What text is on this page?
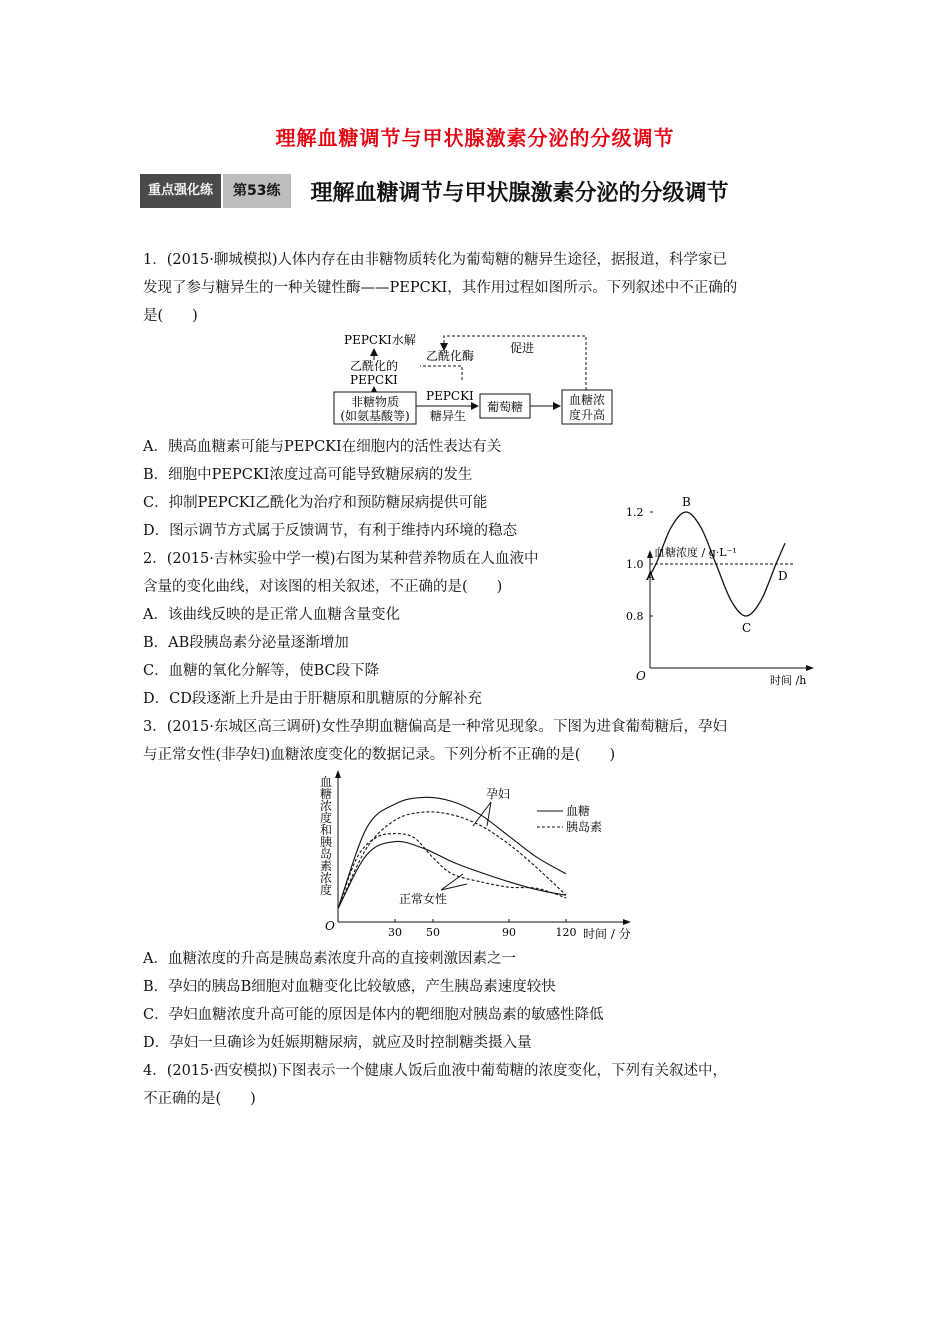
理解血糖调节与甲状腺激素分泌的分级调节
重点强化练	第53练	理解血糖调节与甲状腺激素分泌的分级调节
1．(2015·聊城模拟)人体内存在由非糖物质转化为葡萄糖的糖异生途径，据报道，科学家已
发现了参与糖异生的一种关键性酶——PEPCKI，其作用过程如图所示。下列叙述中不正确的
是(　　)
PEPCKI水解
乙酰化的
PEPCKI
乙酰化酶
促进
非糖物质
(如氨基酸等)
PEPCKI
糖异生
葡萄糖	血糖浓
度升高
A．胰高血糖素可能与PEPCKI在细胞内的活性表达有关
B．细胞中PEPCKI浓度过高可能导致糖尿病的发生
C．抑制PEPCKI乙酰化为治疗和预防糖尿病提供可能
D．图示调节方式属于反馈调节，有利于维持内环境的稳态
2．(2015·吉林实验中学一模)右图为某种营养物质在人血液中
含量的变化曲线，对该图的相关叙述，不正确的是(　　)
A．该曲线反映的是正常人血糖含量变化
B．AB段胰岛素分泌量逐渐增加
C．血糖的氧化分解等，使BC段下降
D．CD段逐渐上升是由于肝糖原和肌糖原的分解补充
血糖浓度 / g·L⁻¹
时间 /h
O
0.8
1.0
1.2
A
B
C
D
3．(2015·东城区高三调研)女性孕期血糖偏高是一种常见现象。下图为进食葡萄糖后，孕妇
与正常女性(非孕妇)血糖浓度变化的数据记录。下列分析不正确的是(　　)
血
糖
浓
度
和
胰
岛
素
浓
度
时间 / 分
O	30 50	90	120
血糖
胰岛素
孕妇
正常女性
A．血糖浓度的升高是胰岛素浓度升高的直接刺激因素之一
B．孕妇的胰岛B细胞对血糖变化比较敏感，产生胰岛素速度较快
C．孕妇血糖浓度升高可能的原因是体内的靶细胞对胰岛素的敏感性降低
D．孕妇一旦确诊为妊娠期糖尿病，就应及时控制糖类摄入量
4．(2015·西安模拟)下图表示一个健康人饭后血液中葡萄糖的浓度变化，下列有关叙述中，
不正确的是(　　)
